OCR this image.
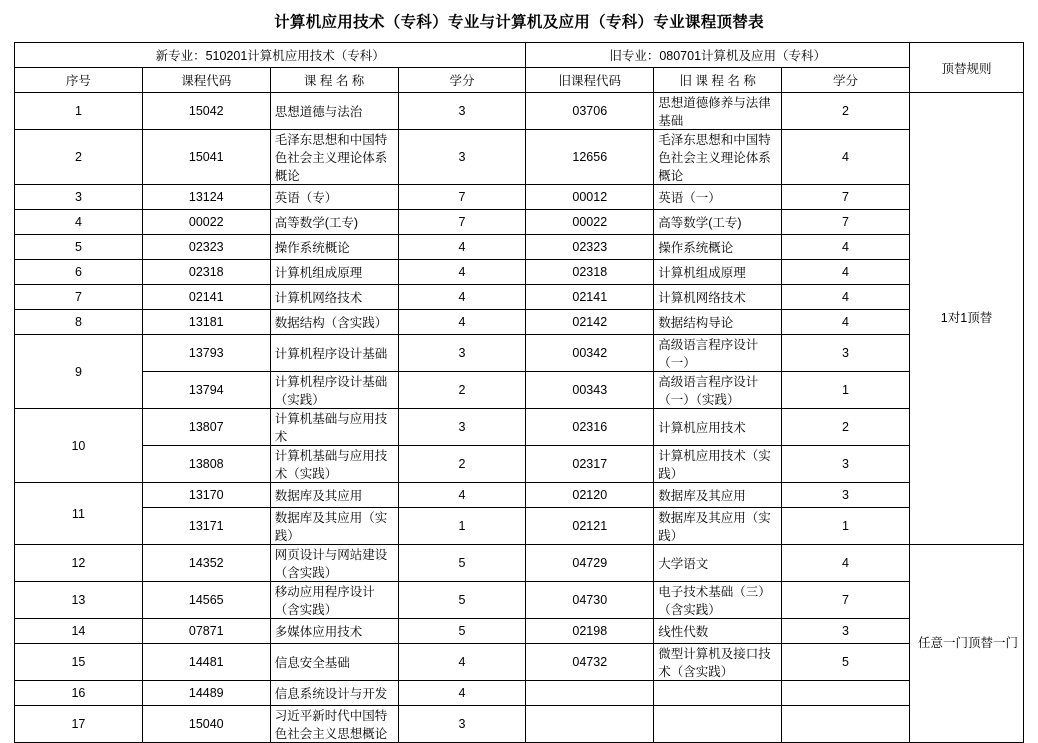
计算机应用技术（专科）专业与计算机及应用（专科）专业课程顶替表
新专业：510201计算机应用技术（专科）				旧专业：080701计算机及应用（专科）			顶替规则
序号	课程代码	课 程 名 称	学分	旧课程代码	旧 课 程 名 称	学分	
1	15042	思想道德与法治	3	03706	思想道德修养与法律基础	2	1对1顶替
2	15041	毛泽东思想和中国特色社会主义理论体系概论	3	12656	毛泽东思想和中国特色社会主义理论体系概论	4	
3	13124	英语（专）	7	00012	英语（一）	7	
4	00022	高等数学(工专)	7	00022	高等数学(工专)	7	
5	02323	操作系统概论	4	02323	操作系统概论	4	
6	02318	计算机组成原理	4	02318	计算机组成原理	4	
7	02141	计算机网络技术	4	02141	计算机网络技术	4	
8	13181	数据结构（含实践）	4	02142	数据结构导论	4	
9	13793	计算机程序设计基础	3	00342	高级语言程序设计（一）	3	
	13794	计算机程序设计基础（实践）	2	00343	高级语言程序设计（一）（实践）	1	
10	13807	计算机基础与应用技术	3	02316	计算机应用技术	2	
	13808	计算机基础与应用技术（实践）	2	02317	计算机应用技术（实践）	3	
11	13170	数据库及其应用	4	02120	数据库及其应用	3	
	13171	数据库及其应用（实践）	1	02121	数据库及其应用（实践）	1	
12	14352	网页设计与网站建设（含实践）	5	04729	大学语文	4	任意一门顶替一门
13	14565	移动应用程序设计（含实践）	5	04730	电子技术基础（三）（含实践）	7	
14	07871	多媒体应用技术	5	02198	线性代数	3	
15	14481	信息安全基础	4	04732	微型计算机及接口技术（含实践）	5	
16	14489	信息系统设计与开发	4				
17	15040	习近平新时代中国特色社会主义思想概论	3				
